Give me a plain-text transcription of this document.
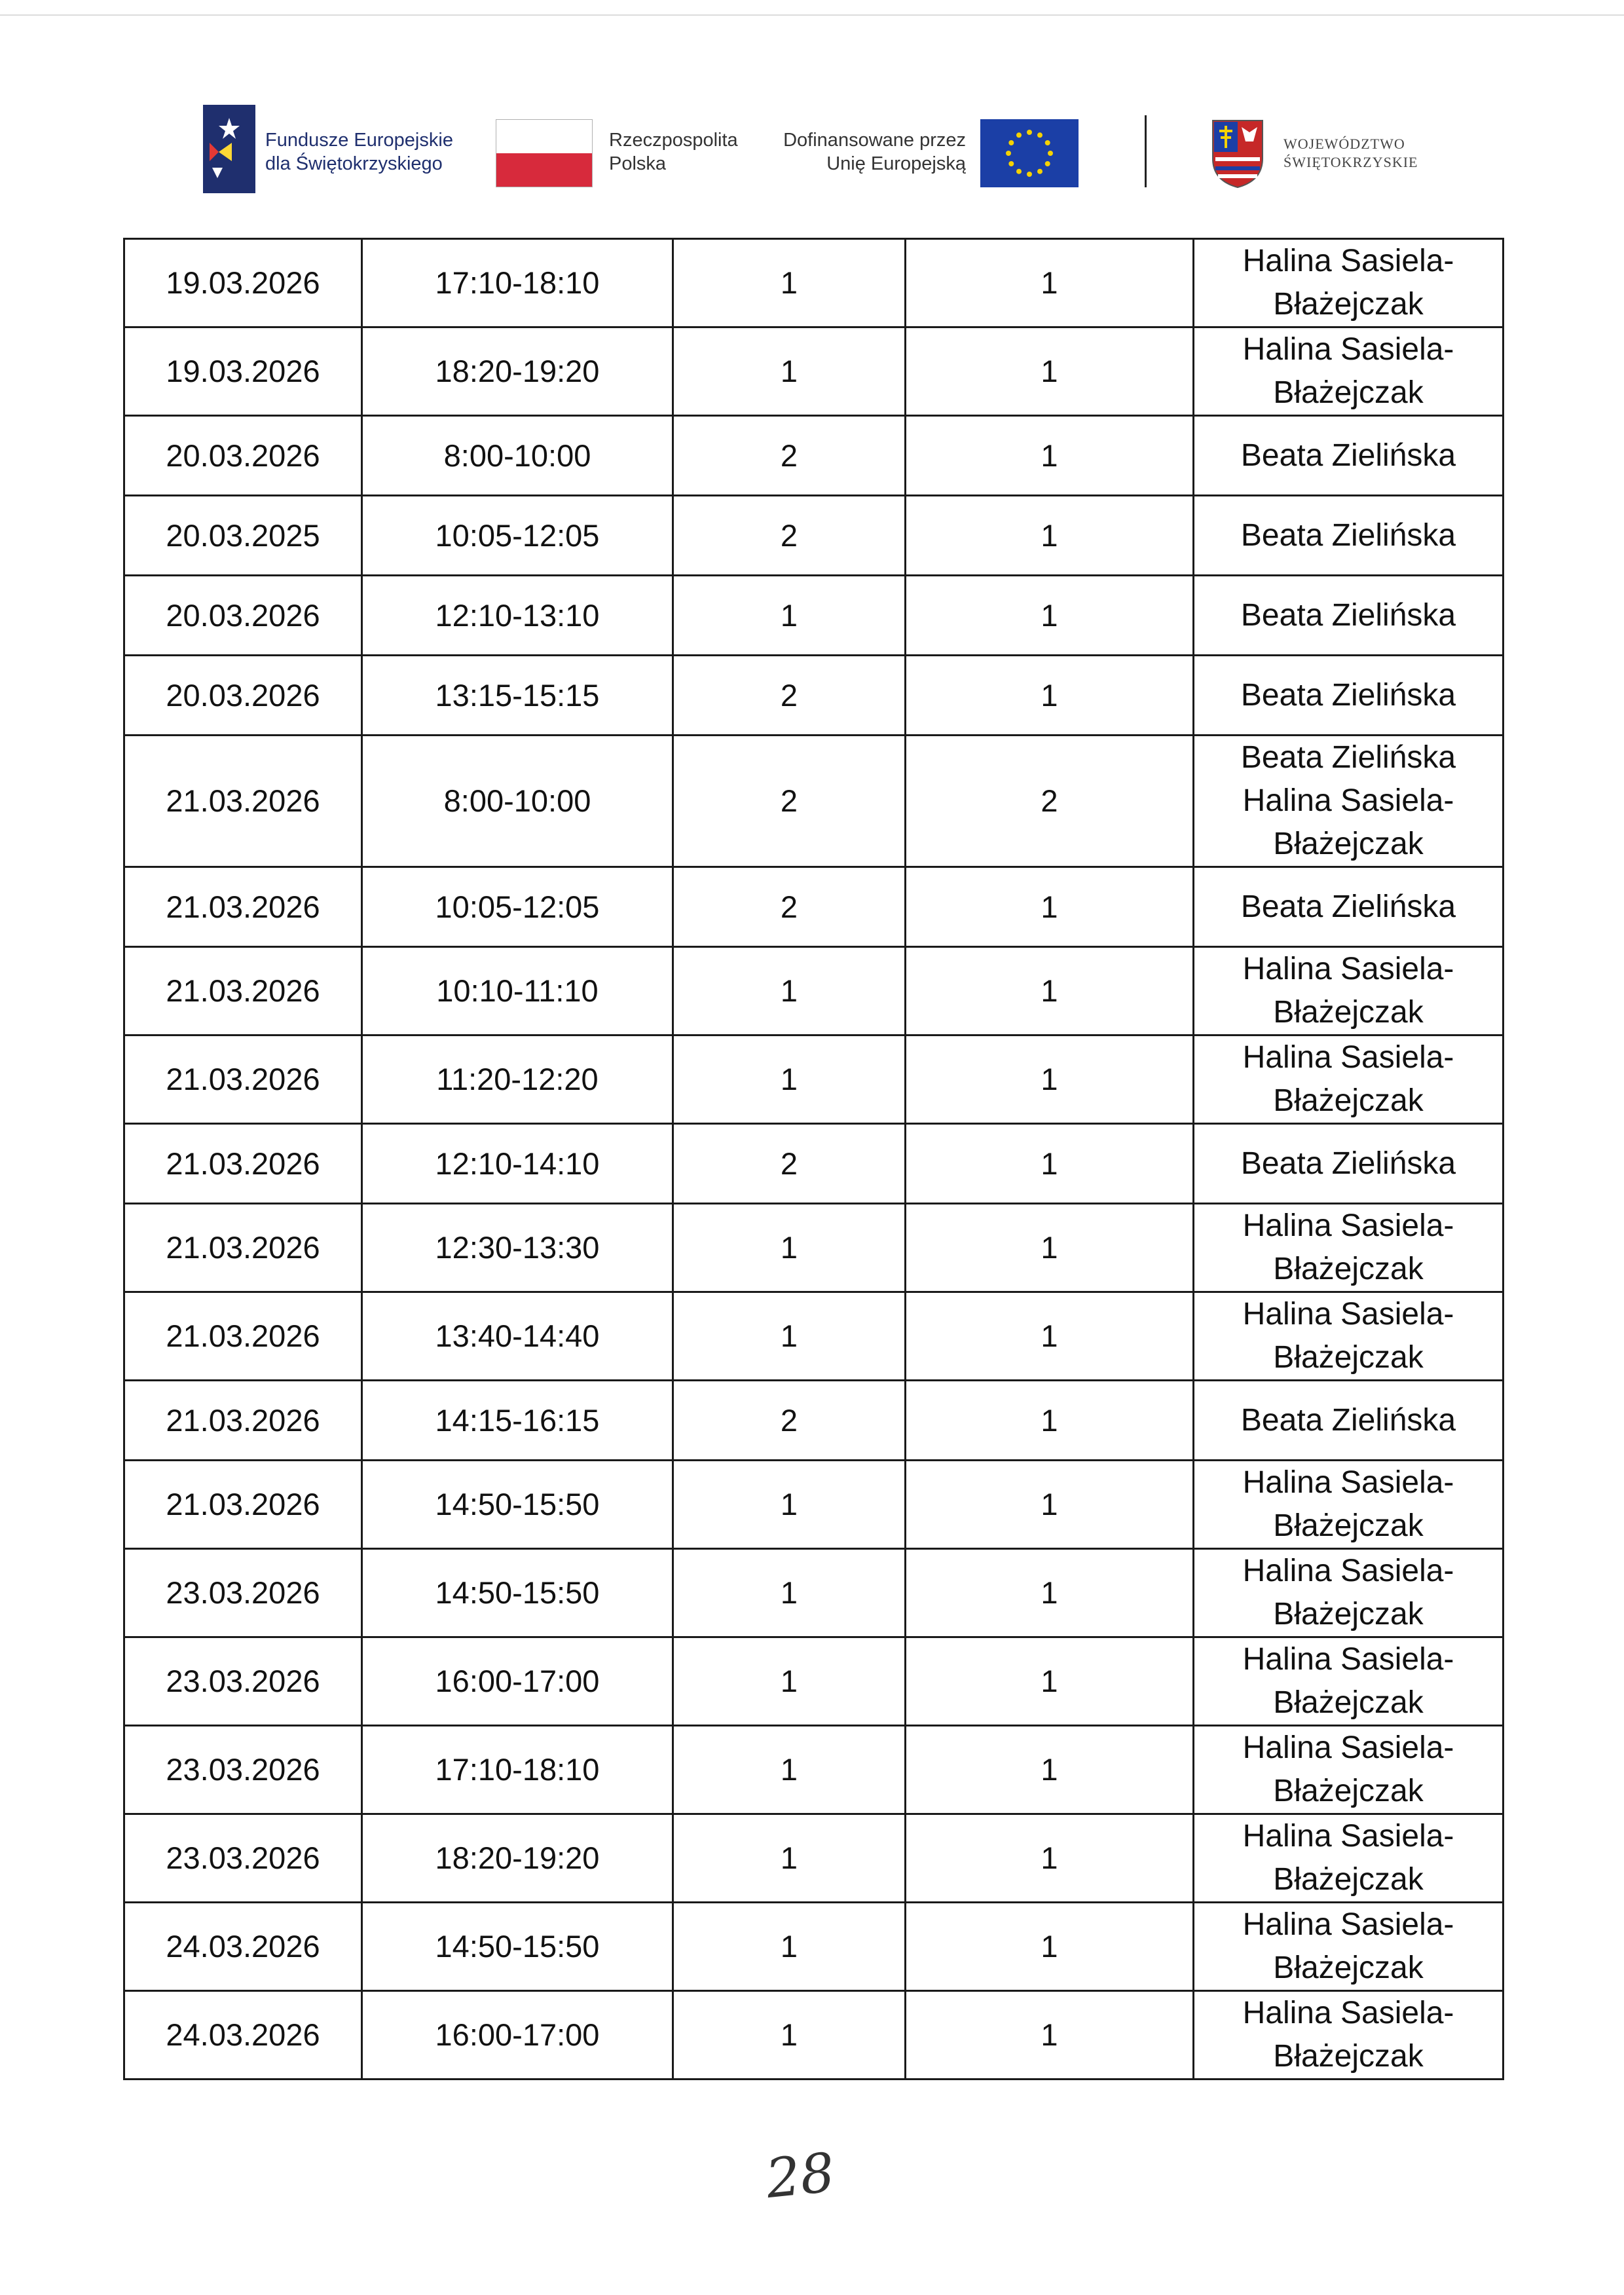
Fundusze Europejskie
dla Świętokrzyskiego
Rzeczpospolita
Polska
Dofinansowane przez
Unię Europejską
WOJEWÓDZTWO
ŚWIĘTOKRZYSKIE
19.03.2026	17:10-18:10	1	1	Halina Sasiela-
Błażejczak

19.03.2026	18:20-19:20	1	1	Halina Sasiela-
Błażejczak

20.03.2026	8:00-10:00	2	1	Beata Zielińska

20.03.2025	10:05-12:05	2	1	Beata Zielińska

20.03.2026	12:10-13:10	1	1	Beata Zielińska

20.03.2026	13:15-15:15	2	1	Beata Zielińska

21.03.2026	8:00-10:00	2	2	Beata Zielińska
Halina Sasiela-
Błażejczak

21.03.2026	10:05-12:05	2	1	Beata Zielińska

21.03.2026	10:10-11:10	1	1	Halina Sasiela-
Błażejczak

21.03.2026	11:20-12:20	1	1	Halina Sasiela-
Błażejczak

21.03.2026	12:10-14:10	2	1	Beata Zielińska

21.03.2026	12:30-13:30	1	1	Halina Sasiela-
Błażejczak

21.03.2026	13:40-14:40	1	1	Halina Sasiela-
Błażejczak

21.03.2026	14:15-16:15	2	1	Beata Zielińska

21.03.2026	14:50-15:50	1	1	Halina Sasiela-
Błażejczak

23.03.2026	14:50-15:50	1	1	Halina Sasiela-
Błażejczak

23.03.2026	16:00-17:00	1	1	Halina Sasiela-
Błażejczak

23.03.2026	17:10-18:10	1	1	Halina Sasiela-
Błażejczak

23.03.2026	18:20-19:20	1	1	Halina Sasiela-
Błażejczak

24.03.2026	14:50-15:50	1	1	Halina Sasiela-
Błażejczak

24.03.2026	16:00-17:00	1	1	Halina Sasiela-
Błażejczak
28
